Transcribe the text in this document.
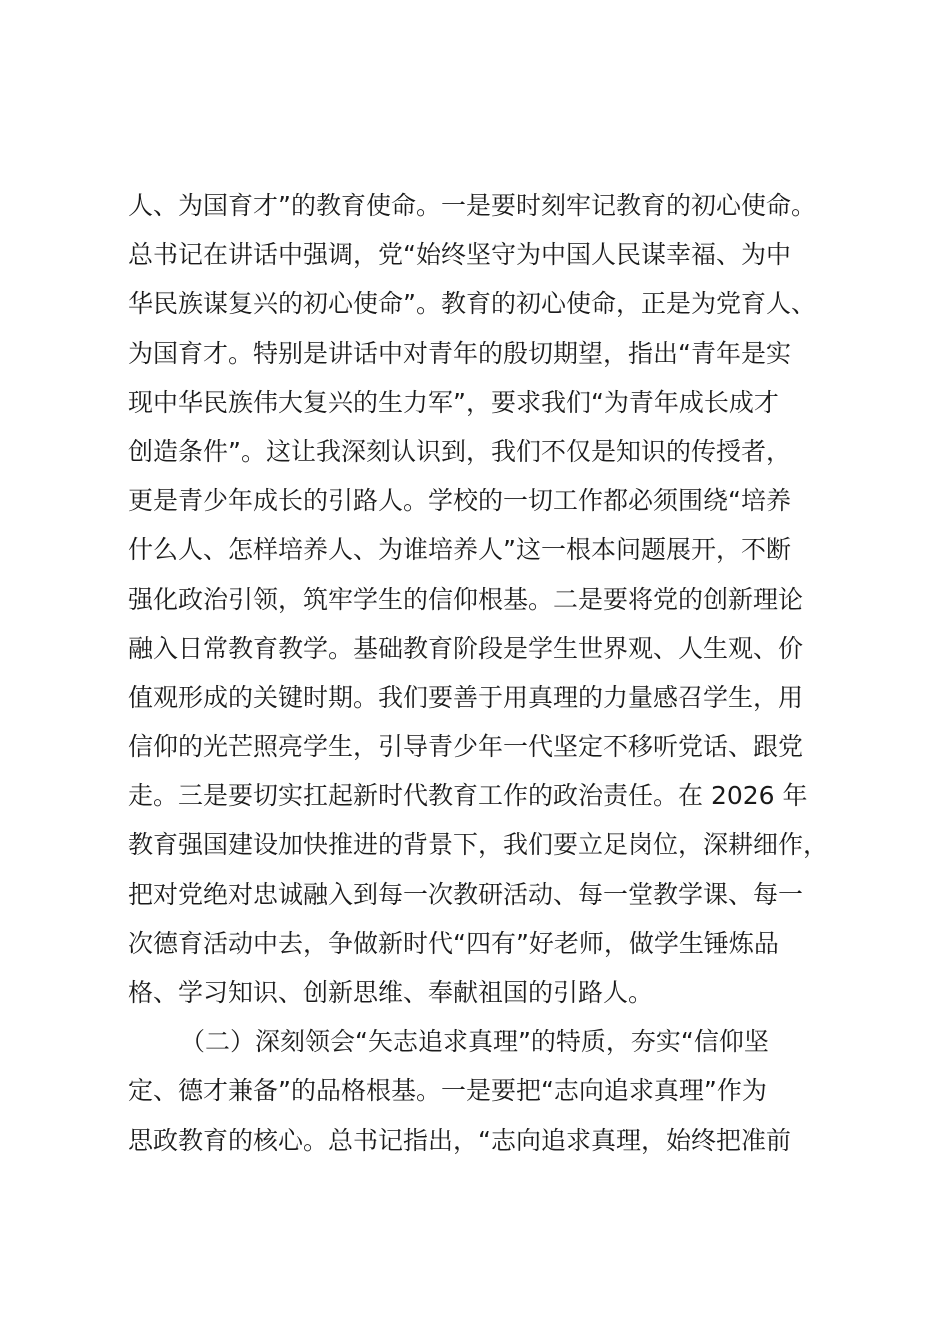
人、为国育才”的教育使命。一是要时刻牢记教育的初心使命。
总书记在讲话中强调，党“始终坚守为中国人民谋幸福、为中
华民族谋复兴的初心使命”。教育的初心使命，正是为党育人、
为国育才。特别是讲话中对青年的殷切期望，指出“青年是实
现中华民族伟大复兴的生力军”，要求我们“为青年成长成才
创造条件”。这让我深刻认识到，我们不仅是知识的传授者，
更是青少年成长的引路人。学校的一切工作都必须围绕“培养
什么人、怎样培养人、为谁培养人”这一根本问题展开，不断
强化政治引领，筑牢学生的信仰根基。二是要将党的创新理论
融入日常教育教学。基础教育阶段是学生世界观、人生观、价
值观形成的关键时期。我们要善于用真理的力量感召学生，用
信仰的光芒照亮学生，引导青少年一代坚定不移听党话、跟党
走。三是要切实扛起新时代教育工作的政治责任。在 2026 年
教育强国建设加快推进的背景下，我们要立足岗位，深耕细作，
把对党绝对忠诚融入到每一次教研活动、每一堂教学课、每一
次德育活动中去，争做新时代“四有”好老师，做学生锤炼品
格、学习知识、创新思维、奉献祖国的引路人。
（二）深刻领会“矢志追求真理”的特质，夯实“信仰坚
定、德才兼备”的品格根基。一是要把“志向追求真理”作为
思政教育的核心。总书记指出，“志向追求真理，始终把准前
